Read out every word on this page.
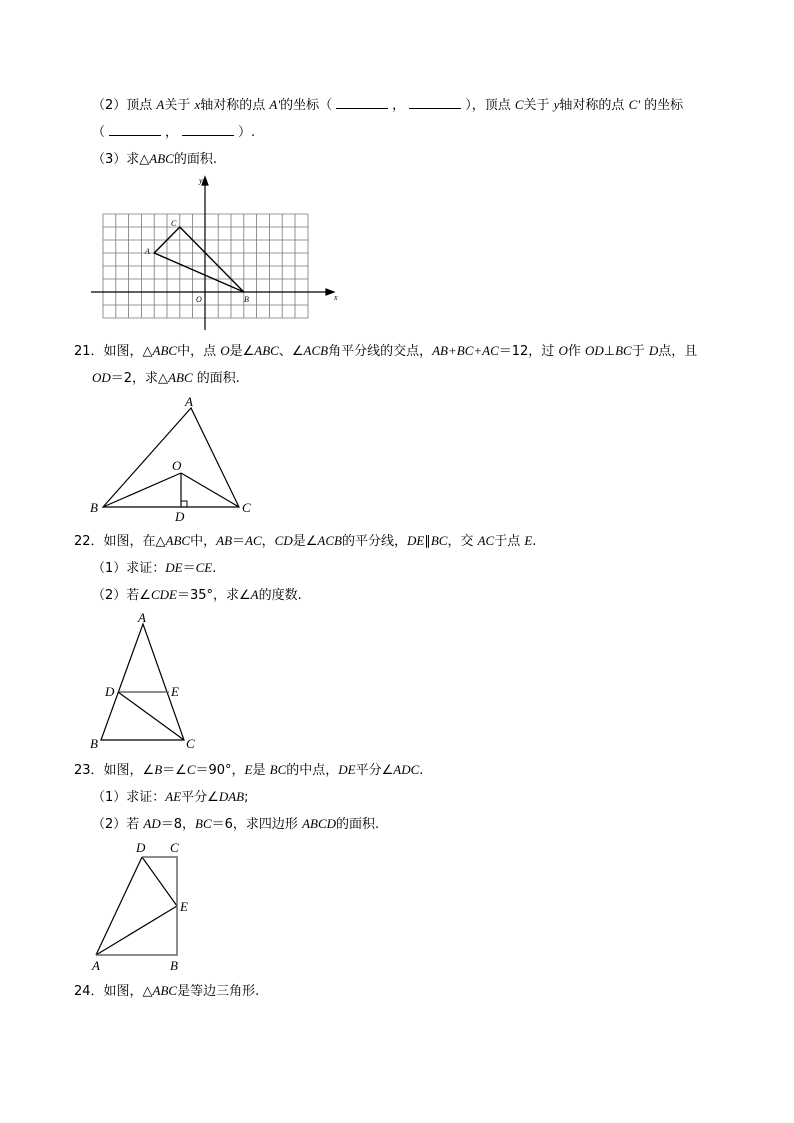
（2）顶点 A关于 x轴对称的点 A'的坐标（	，	），顶点 C关于 y轴对称的点 C' 的坐标
（	，	）.
（3）求△ABC的面积.
A
C
B
O	x
y
21．如图，△ABC中，点 O是∠ABC、∠ACB角平分线的交点，AB+BC+AC＝12，过 O作 OD⊥BC于 D点，且
OD＝2，求△ABC 的面积.
A
B	C
O
D
22．如图，在△ABC中，AB＝AC，CD是∠ACB的平分线，DE∥BC，交 AC于点 E.
（1）求证：DE＝CE.
（2）若∠CDE＝35°，求∠A的度数.
A
B	C
D	E
23．如图，∠B＝∠C＝90°，E是 BC的中点，DE平分∠ADC.
（1）求证：AE平分∠DAB;
（2）若 AD＝8，BC＝6，求四边形 ABCD的面积.
A	B
C
D
E
24．如图，△ABC是等边三角形.
